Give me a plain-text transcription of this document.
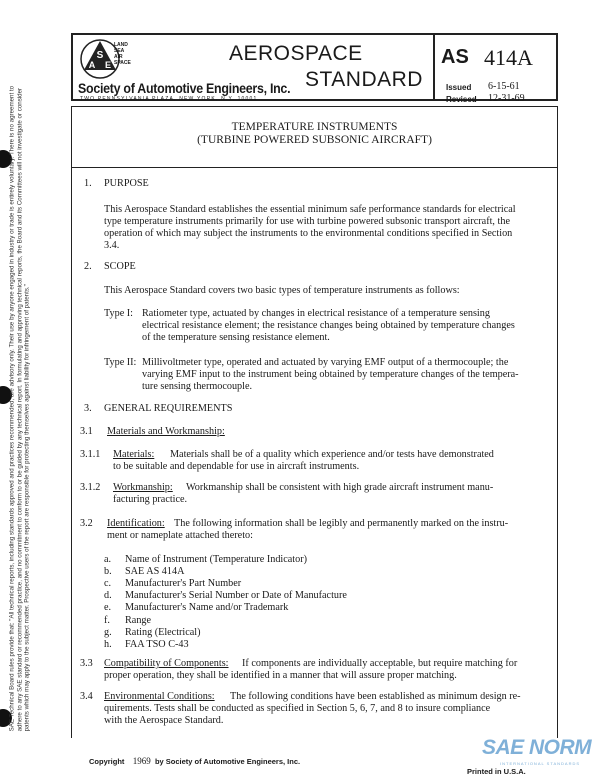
SAE Technical Board rules provide that: "All technical reports, including standards approved and practices recommended, are advisory only. Their use by anyone engaged in industry or trade is entirely voluntary. There is no agreement to adhere to any SAE standard or recommended practice, and no commitment to conform to or be guided by any technical report. In formulating and approving technical reports, the Board and its Committees will not investigate or consider patents which may apply to the subject matter. Prospective users of the report are responsible for protecting themselves against liability for infringement of patents."
S
A E
LAND
SEA
AIR
SPACE
Society of Automotive Engineers, Inc.
TWO PENNSYLVANIA PLAZA, NEW YORK, N.Y. 10001
AEROSPACE
STANDARD
AS 414A
Issued 6-15-61
Revised 12-31-69
TEMPERATURE INSTRUMENTS
(TURBINE POWERED SUBSONIC AIRCRAFT)
1. PURPOSE
This Aerospace Standard establishes the essential minimum safe performance standards for electrical
type temperature instruments primarily for use with turbine powered subsonic transport aircraft, the
operation of which may subject the instruments to the environmental conditions specified in Section
3.4.
2. SCOPE
This Aerospace Standard covers two basic types of temperature instruments as follows:
Type I: Ratiometer type, actuated by changes in electrical resistance of a temperature sensing
electrical resistance element; the resistance changes being obtained by temperature changes
of the temperature sensing resistance element.
Type II: Millivoltmeter type, operated and actuated by varying EMF output of a thermocouple; the
varying EMF input to the instrument being obtained by temperature changes of the tempera-
ture sensing thermocouple.
3. GENERAL REQUIREMENTS
3.1 Materials and Workmanship:
3.1.1 Materials: Materials shall be of a quality which experience and/or tests have demonstrated
to be suitable and dependable for use in aircraft instruments.
3.1.2 Workmanship: Workmanship shall be consistent with high grade aircraft instrument manu-
facturing practice.
3.2 Identification: The following information shall be legibly and permanently marked on the instru-
ment or nameplate attached thereto:
a. Name of Instrument (Temperature Indicator)
b. SAE AS 414A
c. Manufacturer's Part Number
d. Manufacturer's Serial Number or Date of Manufacture
e. Manufacturer's Name and/or Trademark
f. Range
g. Rating (Electrical)
h. FAA TSO C-43
3.3 Compatibility of Components: If components are individually acceptable, but require matching for
proper operation, they shall be identified in a manner that will assure proper matching.
3.4 Environmental Conditions: The following conditions have been established as minimum design re-
quirements. Tests shall be conducted as specified in Section 5, 6, 7, and 8 to insure compliance
with the Aerospace Standard.
Copyright 1969 by Society of Automotive Engineers, Inc.
SAE NORM
INTERNATIONAL STANDARDS
Printed in U.S.A.
